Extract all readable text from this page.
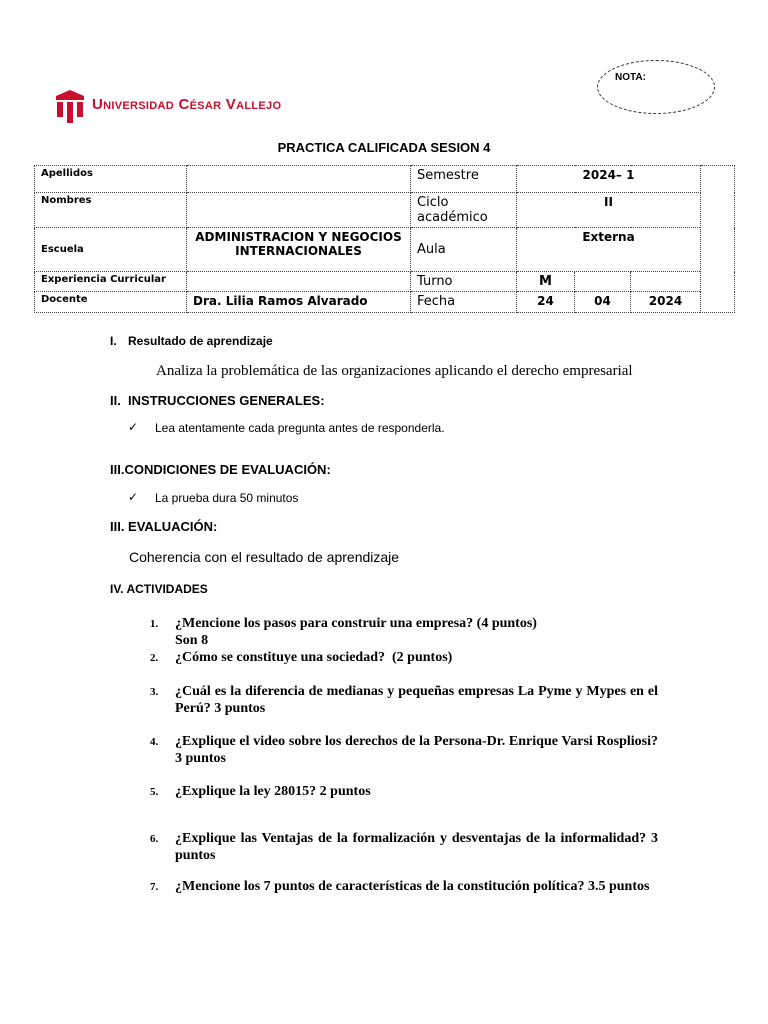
Universidad César Vallejo
NOTA:
PRACTICA CALIFICADA SESION 4
Apellidos		Semestre	2024– 1			
Nombres		Ciclo académico	II			
Escuela	ADMINISTRACION Y NEGOCIOS INTERNACIONALES	Aula	Externa			
Experiencia Curricular		Turno	M			
Docente	Dra. Lilia Ramos Alvarado	Fecha	24	04	2024	
I. Resultado de aprendizaje
Analiza la problemática de las organizaciones aplicando el derecho empresarial
II.  INSTRUCCIONES GENERALES:
✓ Lea atentamente cada pregunta antes de responderla.
III.CONDICIONES DE EVALUACIÓN:
✓ La prueba dura 50 minutos
III. EVALUACIÓN:
Coherencia con el resultado de aprendizaje
IV. ACTIVIDADES
1. ¿Mencione los pasos para construir una empresa? (4 puntos)
Son 8
2. ¿Cómo se constituye una sociedad?  (2 puntos)
3. ¿Cuál es la diferencia de medianas y pequeñas empresas La Pyme y Mypes en el Perú? 3 puntos
4. ¿Explique el video sobre los derechos de la Persona-Dr. Enrique Varsi Rospliosi? 3 puntos
5. ¿Explique la ley 28015? 2 puntos
6. ¿Explique las Ventajas de la formalización y desventajas de la informalidad? 3 puntos
7. ¿Mencione los 7 puntos de características de la constitución política? 3.5 puntos
